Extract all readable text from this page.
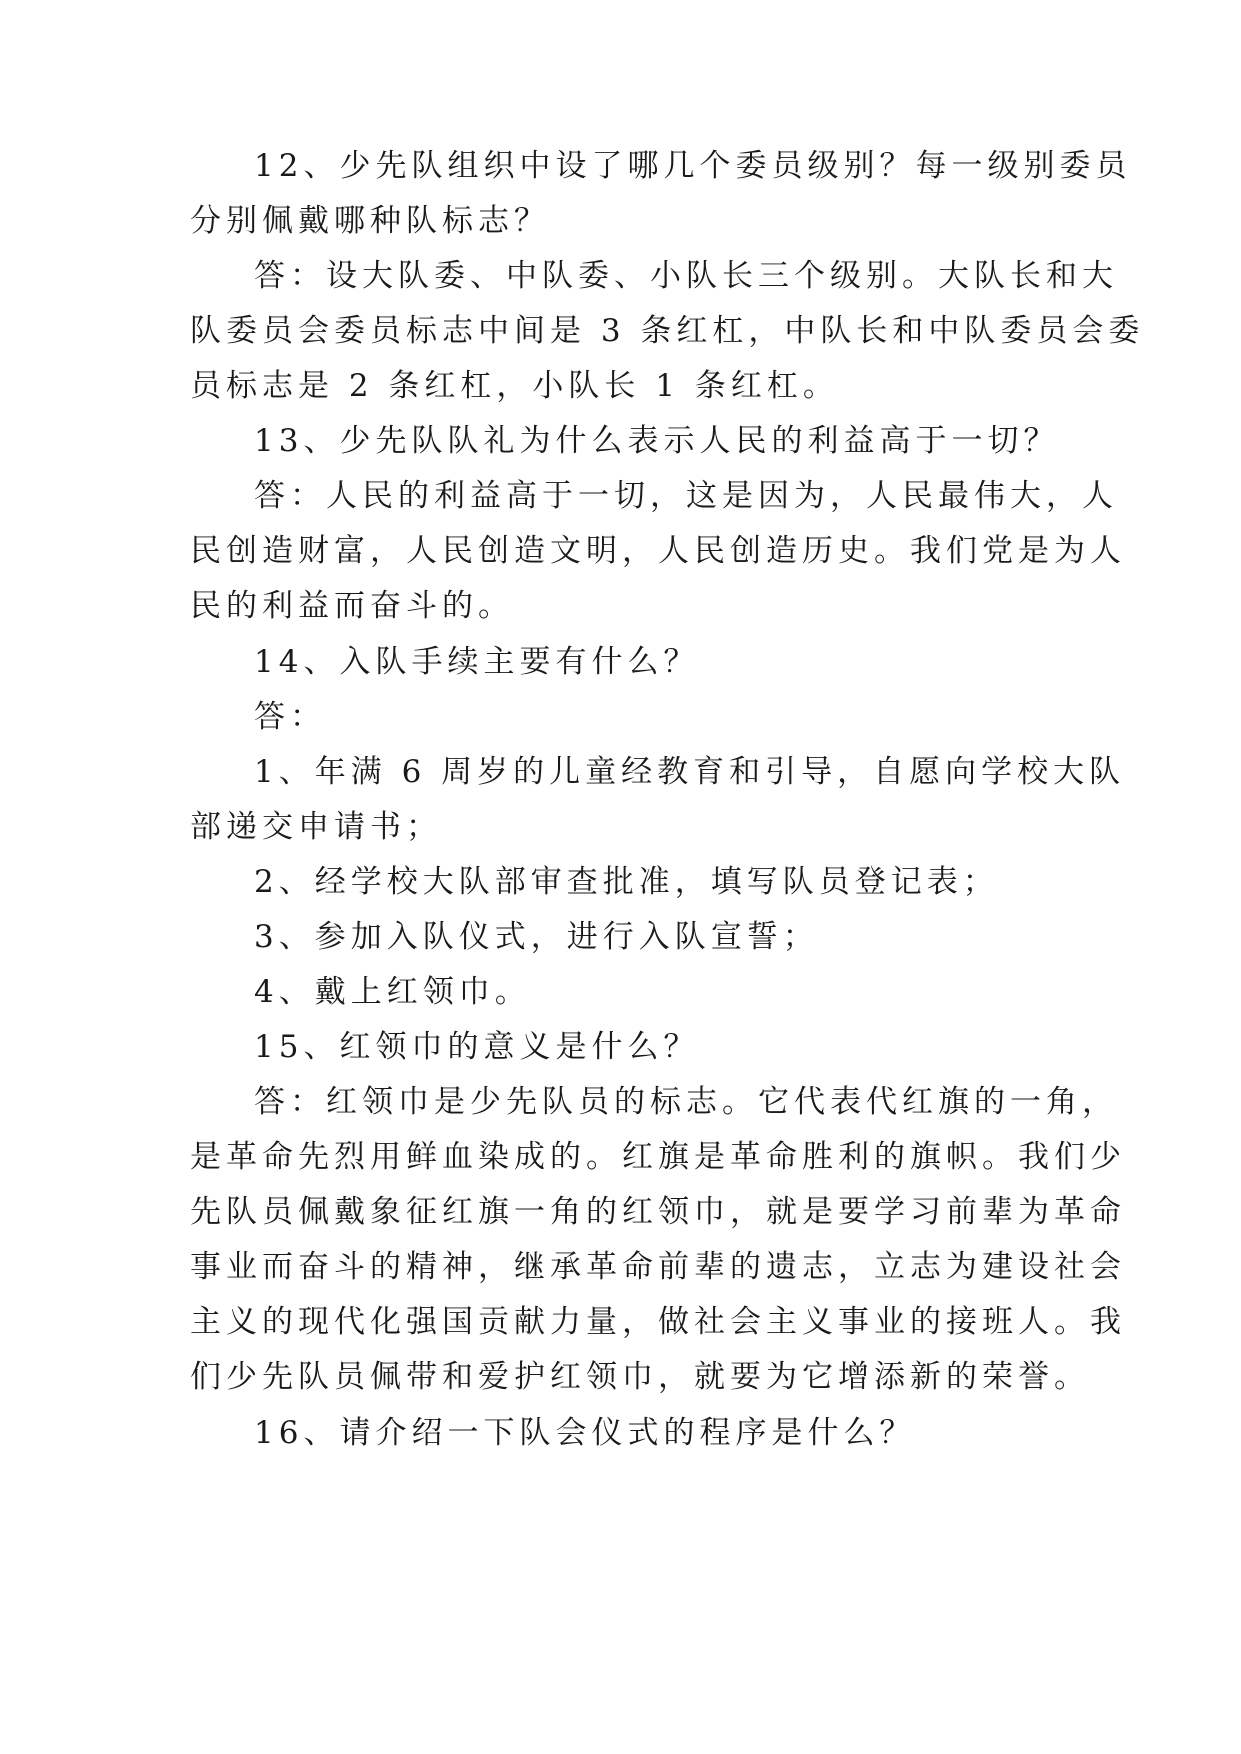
12、少先队组织中设了哪几个委员级别？每一级别委员
分别佩戴哪种队标志？
答：设大队委、中队委、小队长三个级别。大队长和大
队委员会委员标志中间是 3 条红杠，中队长和中队委员会委
员标志是 2 条红杠，小队长 1 条红杠。
13、少先队队礼为什么表示人民的利益高于一切？
答：人民的利益高于一切，这是因为，人民最伟大，人
民创造财富，人民创造文明，人民创造历史。我们党是为人
民的利益而奋斗的。
14、入队手续主要有什么？
答：
1、年满 6 周岁的儿童经教育和引导，自愿向学校大队
部递交申请书；
2、经学校大队部审查批准，填写队员登记表；
3、参加入队仪式，进行入队宣誓；
4、戴上红领巾。
15、红领巾的意义是什么？
答：红领巾是少先队员的标志。它代表代红旗的一角，
是革命先烈用鲜血染成的。红旗是革命胜利的旗帜。我们少
先队员佩戴象征红旗一角的红领巾，就是要学习前辈为革命
事业而奋斗的精神，继承革命前辈的遗志，立志为建设社会
主义的现代化强国贡献力量，做社会主义事业的接班人。我
们少先队员佩带和爱护红领巾，就要为它增添新的荣誉。
16、请介绍一下队会仪式的程序是什么？
